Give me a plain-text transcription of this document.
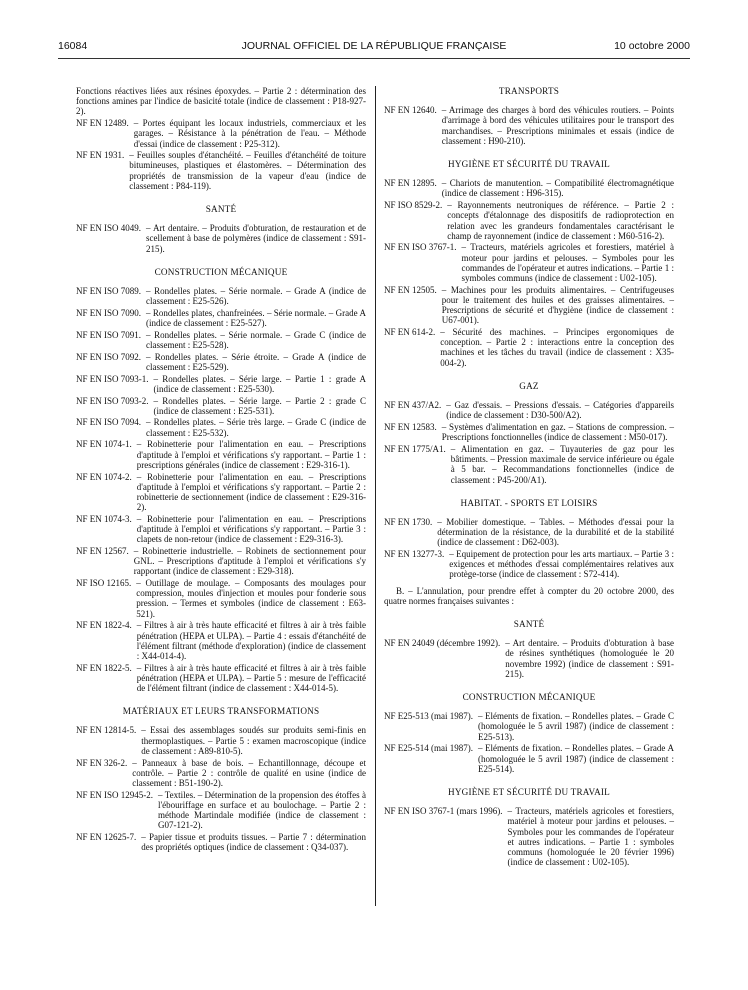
16084	JOURNAL OFFICIEL DE LA RÉPUBLIQUE FRANÇAISE	10 octobre 2000
Fonctions réactives liées aux résines époxydes. – Partie 2 : détermination des fonctions amines par l'indice de basicité totale (indice de classement : P18-927-2).
NF EN 12489. – Portes équipant les locaux industriels, commerciaux et les garages. – Résistance à la pénétration de l'eau. – Méthode d'essai (indice de classement : P25-312).
NF EN 1931. – Feuilles souples d'étanchéité. – Feuilles d'étanchéité de toiture bitumineuses, plastiques et élastomères. – Détermination des propriétés de transmission de la vapeur d'eau (indice de classement : P84-119).
SANTÉ
NF EN ISO 4049. – Art dentaire. – Produits d'obturation, de restauration et de scellement à base de polymères (indice de classement : S91-215).
CONSTRUCTION MÉCANIQUE
NF EN ISO 7089. – Rondelles plates. – Série normale. – Grade A (indice de classement : E25-526).
NF EN ISO 7090. – Rondelles plates, chanfreinées. – Série normale. – Grade A (indice de classement : E25-527).
NF EN ISO 7091. – Rondelles plates. – Série normale. – Grade C (indice de classement : E25-528).
NF EN ISO 7092. – Rondelles plates. – Série étroite. – Grade A (indice de classement : E25-529).
NF EN ISO 7093-1. – Rondelles plates. – Série large. – Partie 1 : grade A (indice de classement : E25-530).
NF EN ISO 7093-2. – Rondelles plates. – Série large. – Partie 2 : grade C (indice de classement : E25-531).
NF EN ISO 7094. – Rondelles plates. – Série très large. – Grade C (indice de classement : E25-532).
NF EN 1074-1. – Robinetterie pour l'alimentation en eau. – Prescriptions d'aptitude à l'emploi et vérifications s'y rapportant. – Partie 1 : prescriptions générales (indice de classement : E29-316-1).
NF EN 1074-2. – Robinetterie pour l'alimentation en eau. – Prescriptions d'aptitude à l'emploi et vérifications s'y rapportant. – Partie 2 : robinetterie de sectionnement (indice de classement : E29-316-2).
NF EN 1074-3. – Robinetterie pour l'alimentation en eau. – Prescriptions d'aptitude à l'emploi et vérifications s'y rapportant. – Partie 3 : clapets de non-retour (indice de classement : E29-316-3).
NF EN 12567. – Robinetterie industrielle. – Robinets de sectionnement pour GNL. – Prescriptions d'aptitude à l'emploi et vérifications s'y rapportant (indice de classement : E29-318).
NF ISO 12165. – Outillage de moulage. – Composants des moulages pour compression, moules d'injection et moules pour fonderie sous pression. – Termes et symboles (indice de classement : E63-521).
NF EN 1822-4. – Filtres à air à très haute efficacité et filtres à air à très faible pénétration (HEPA et ULPA). – Partie 4 : essais d'étanchéité de l'élément filtrant (méthode d'exploration) (indice de classement : X44-014-4).
NF EN 1822-5. – Filtres à air à très haute efficacité et filtres à air à très faible pénétration (HEPA et ULPA). – Partie 5 : mesure de l'efficacité de l'élément filtrant (indice de classement : X44-014-5).
MATÉRIAUX ET LEURS TRANSFORMATIONS
NF EN 12814-5. – Essai des assemblages soudés sur produits semi-finis en thermoplastiques. – Partie 5 : examen macroscopique (indice de classement : A89-810-5).
NF EN 326-2. – Panneaux à base de bois. – Echantillonnage, découpe et contrôle. – Partie 2 : contrôle de qualité en usine (indice de classement : B51-190-2).
NF EN ISO 12945-2. – Textiles. – Détermination de la propension des étoffes à l'ébouriffage en surface et au boulochage. – Partie 2 : méthode Martindale modifiée (indice de classement : G07-121-2).
NF EN 12625-7. – Papier tissue et produits tissues. – Partie 7 : détermination des propriétés optiques (indice de classement : Q34-037).
TRANSPORTS
NF EN 12640. – Arrimage des charges à bord des véhicules routiers. – Points d'arrimage à bord des véhicules utilitaires pour le transport des marchandises. – Prescriptions minimales et essais (indice de classement : H90-210).
HYGIÈNE ET SÉCURITÉ DU TRAVAIL
NF EN 12895. – Chariots de manutention. – Compatibilité électromagnétique (indice de classement : H96-315).
NF ISO 8529-2. – Rayonnements neutroniques de référence. – Partie 2 : concepts d'étalonnage des dispositifs de radioprotection en relation avec les grandeurs fondamentales caractérisant le champ de rayonnement (indice de classement : M60-516-2).
NF EN ISO 3767-1. – Tracteurs, matériels agricoles et forestiers, matériel à moteur pour jardins et pelouses. – Symboles pour les commandes de l'opérateur et autres indications. – Partie 1 : symboles communs (indice de classement : U02-105).
NF EN 12505. – Machines pour les produits alimentaires. – Centrifugeuses pour le traitement des huiles et des graisses alimentaires. – Prescriptions de sécurité et d'hygiène (indice de classement : U67-001).
NF EN 614-2. – Sécurité des machines. – Principes ergonomiques de conception. – Partie 2 : interactions entre la conception des machines et les tâches du travail (indice de classement : X35-004-2).
GAZ
NF EN 437/A2. – Gaz d'essais. – Pressions d'essais. – Catégories d'appareils (indice de classement : D30-500/A2).
NF EN 12583. – Systèmes d'alimentation en gaz. – Stations de compression. – Prescriptions fonctionnelles (indice de classement : M50-017).
NF EN 1775/A1. – Alimentation en gaz. – Tuyauteries de gaz pour les bâtiments. – Pression maximale de service inférieure ou égale à 5 bar. – Recommandations fonctionnelles (indice de classement : P45-200/A1).
HABITAT. - SPORTS ET LOISIRS
NF EN 1730. – Mobilier domestique. – Tables. – Méthodes d'essai pour la détermination de la résistance, de la durabilité et de la stabilité (indice de classement : D62-003).
NF EN 13277-3. – Equipement de protection pour les arts martiaux. – Partie 3 : exigences et méthodes d'essai complémentaires relatives aux protège-torse (indice de classement : S72-414).
B. – L'annulation, pour prendre effet à compter du 20 octobre 2000, des quatre normes françaises suivantes :
SANTÉ
NF EN 24049 (décembre 1992). – Art dentaire. – Produits d'obturation à base de résines synthétiques (homologuée le 20 novembre 1992) (indice de classement : S91-215).
CONSTRUCTION MÉCANIQUE
NF E25-513 (mai 1987). – Eléments de fixation. – Rondelles plates. – Grade C (homologuée le 5 avril 1987) (indice de classement : E25-513).
NF E25-514 (mai 1987). – Eléments de fixation. – Rondelles plates. – Grade A (homologuée le 5 avril 1987) (indice de classement : E25-514).
HYGIÈNE ET SÉCURITÉ DU TRAVAIL
NF EN ISO 3767-1 (mars 1996). – Tracteurs, matériels agricoles et forestiers, matériel à moteur pour jardins et pelouses. – Symboles pour les commandes de l'opérateur et autres indications. – Partie 1 : symboles communs (homologuée le 20 février 1996) (indice de classement : U02-105).
